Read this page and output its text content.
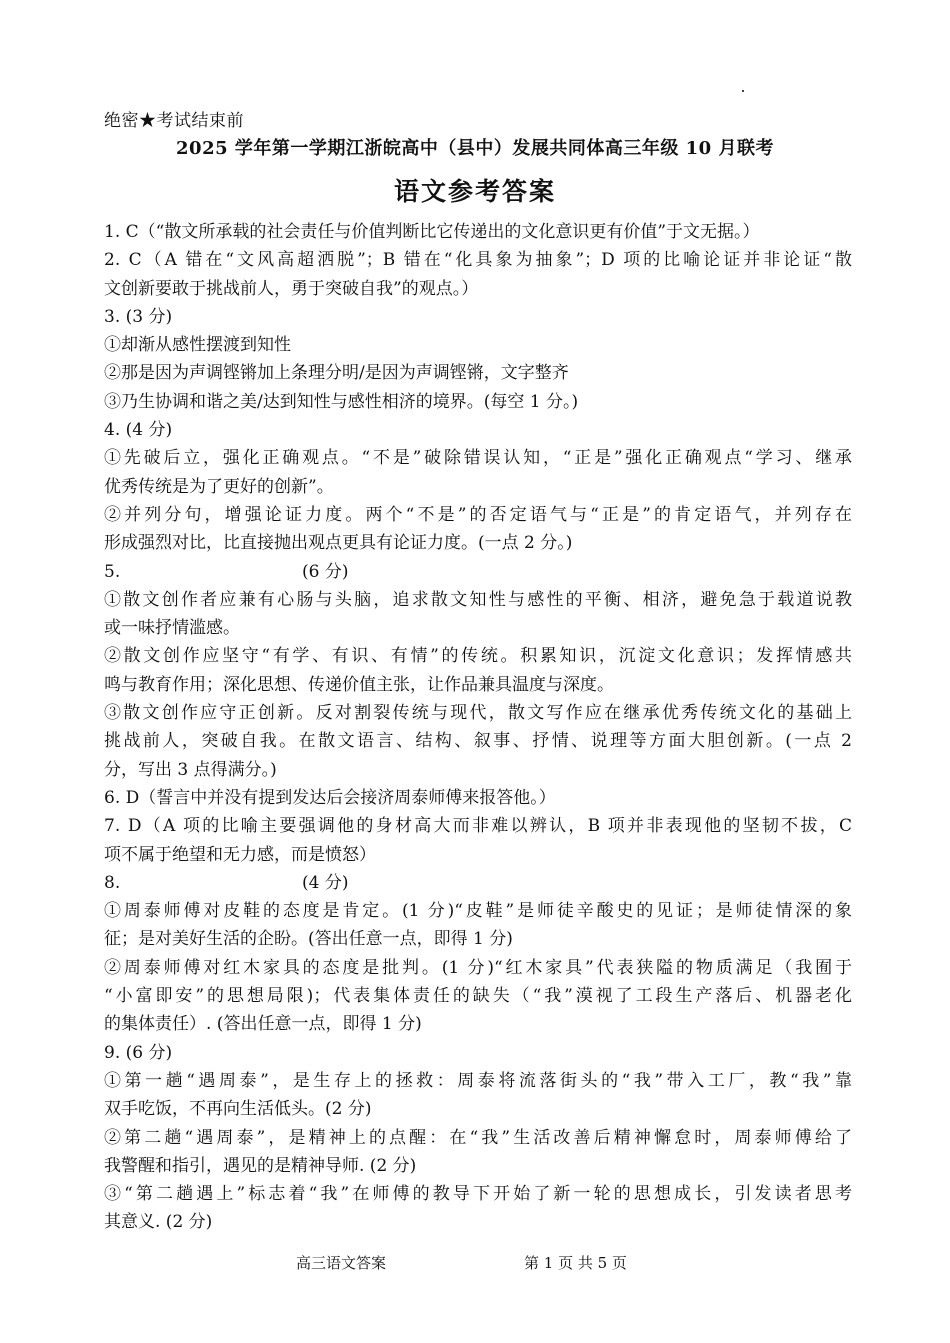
绝密★考试结束前
2025 学年第一学期江浙皖高中（县中）发展共同体高三年级 10 月联考
语文参考答案
1. C（“散文所承载的社会责任与价值判断比它传递出的文化意识更有价值”于文无据。）
2. C（A 错在“文风高超洒脱”；B 错在“化具象为抽象”；D 项的比喻论证并非论证“散
文创新要敢于挑战前人，勇于突破自我”的观点。）
3. (3 分)
①却渐从感性摆渡到知性
②那是因为声调铿锵加上条理分明/是因为声调铿锵，文字整齐
③乃生协调和谐之美/达到知性与感性相济的境界。(每空 1 分。)
4. (4 分)
①先破后立，强化正确观点。“不是”破除错误认知，“正是”强化正确观点“学习、继承
优秀传统是为了更好的创新”。
②并列分句，增强论证力度。两个“不是”的否定语气与“正是”的肯定语气，并列存在
形成强烈对比，比直接抛出观点更具有论证力度。(一点 2 分。)
5.	(6 分)
①散文创作者应兼有心肠与头脑，追求散文知性与感性的平衡、相济，避免急于载道说教
或一味抒情滥感。
②散文创作应坚守“有学、有识、有情”的传统。积累知识，沉淀文化意识；发挥情感共
鸣与教育作用；深化思想、传递价值主张，让作品兼具温度与深度。
③散文创作应守正创新。反对割裂传统与现代，散文写作应在继承优秀传统文化的基础上
挑战前人，突破自我。在散文语言、结构、叙事、抒情、说理等方面大胆创新。(一点 2
分，写出 3 点得满分。)
6. D（誓言中并没有提到发达后会接济周泰师傅来报答他。）
7. D（A 项的比喻主要强调他的身材高大而非难以辨认，B 项并非表现他的坚韧不拔，C
项不属于绝望和无力感，而是愤怒）
8.	(4 分)
①周泰师傅对皮鞋的态度是肯定。(1 分)“皮鞋”是师徒辛酸史的见证；是师徒情深的象
征；是对美好生活的企盼。(答出任意一点，即得 1 分)
②周泰师傅对红木家具的态度是批判。(1 分)“红木家具”代表狭隘的物质满足（我囿于
“小富即安”的思想局限)；代表集体责任的缺失（“我”漠视了工段生产落后、机器老化
的集体责任）. (答出任意一点，即得 1 分)
9. (6 分)
①第一趟“遇周泰”，是生存上的拯救：周泰将流落街头的“我”带入工厂，教“我”靠
双手吃饭，不再向生活低头。(2 分)
②第二趟“遇周泰”，是精神上的点醒：在“我”生活改善后精神懈怠时，周泰师傅给了
我警醒和指引，遇见的是精神导师. (2 分)
③“第二趟遇上”标志着“我”在师傅的教导下开始了新一轮的思想成长，引发读者思考
其意义. (2 分)
高三语文答案	第 1 页 共 5 页
